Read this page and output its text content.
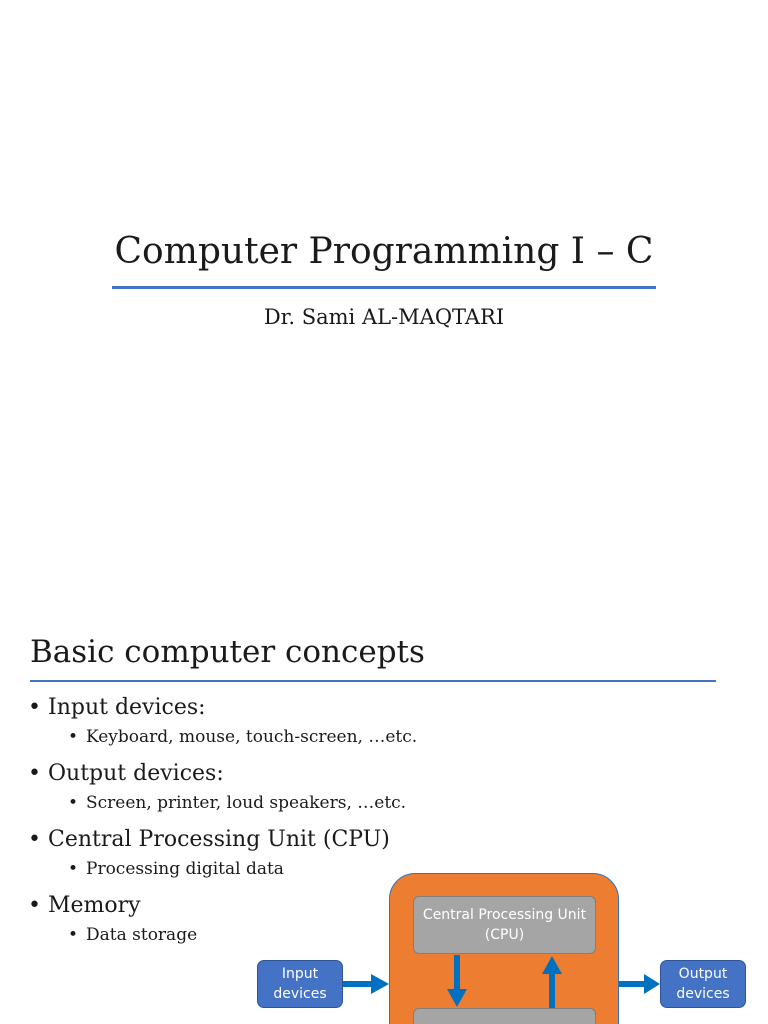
Computer Programming I – C
Dr. Sami AL-MAQTARI
Basic computer concepts
• Input devices:
• Keyboard, mouse, touch-screen, …etc.
• Output devices:
• Screen, printer, loud speakers, …etc.
• Central Processing Unit (CPU)
• Processing digital data
• Memory
• Data storage
Central Processing Unit
(CPU)
Input
devices
Output
devices
